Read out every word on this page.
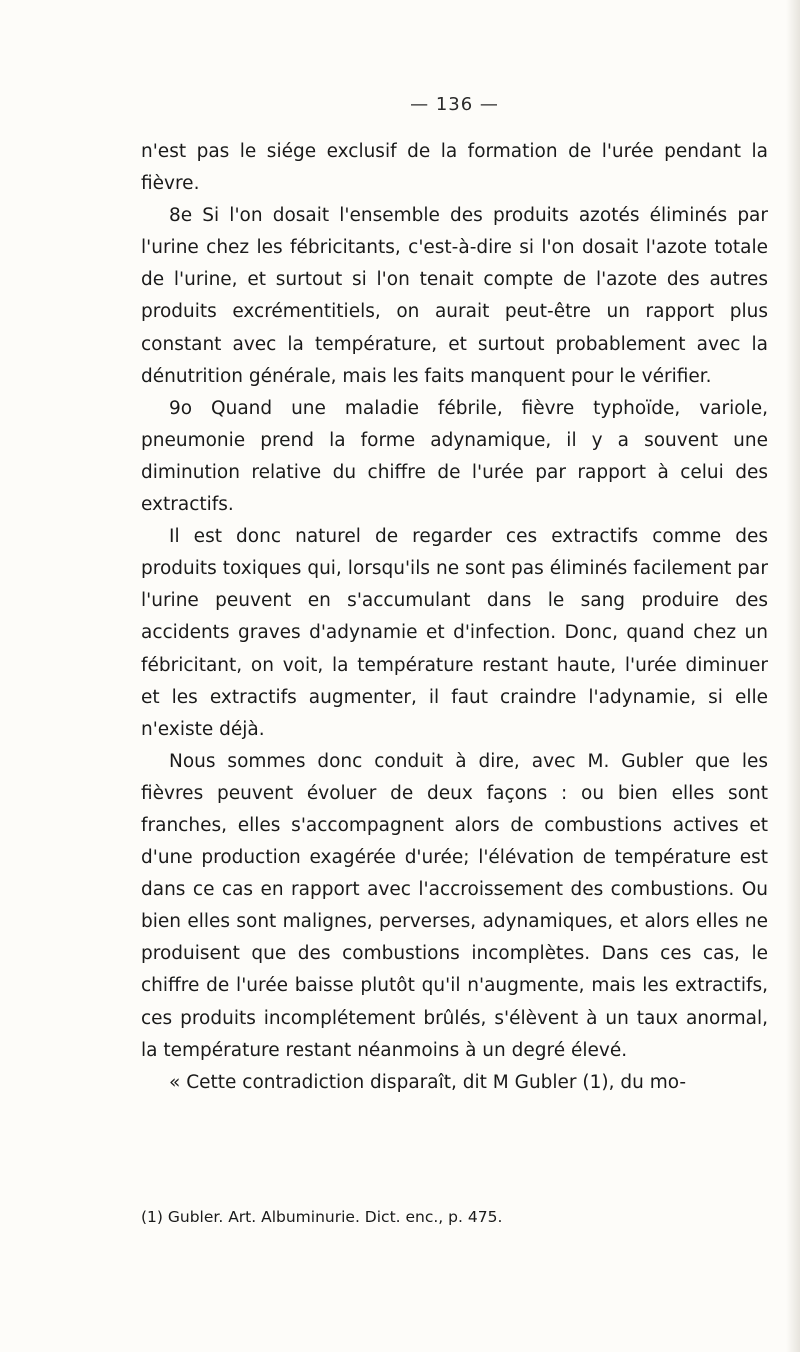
— 136 —

n'est pas le siége exclusif de la formation de l'urée pendant la fièvre.

8e Si l'on dosait l'ensemble des produits azotés éliminés par l'urine chez les fébricitants, c'est-à-dire si l'on dosait l'azote totale de l'urine, et surtout si l'on tenait compte de l'azote des autres produits excrémentitiels, on aurait peut-être un rapport plus constant avec la température, et surtout probablement avec la dénutrition générale, mais les faits manquent pour le vérifier.

9o Quand une maladie fébrile, fièvre typhoïde, variole, pneumonie prend la forme adynamique, il y a souvent une diminution relative du chiffre de l'urée par rapport à celui des extractifs.

Il est donc naturel de regarder ces extractifs comme des produits toxiques qui, lorsqu'ils ne sont pas éliminés facilement par l'urine peuvent en s'accumulant dans le sang produire des accidents graves d'adynamie et d'infection. Donc, quand chez un fébricitant, on voit, la température restant haute, l'urée diminuer et les extractifs augmenter, il faut craindre l'adynamie, si elle n'existe déjà.

Nous sommes donc conduit à dire, avec M. Gubler que les fièvres peuvent évoluer de deux façons : ou bien elles sont franches, elles s'accompagnent alors de combustions actives et d'une production exagérée d'urée; l'élévation de température est dans ce cas en rapport avec l'accroissement des combustions. Ou bien elles sont malignes, perverses, adynamiques, et alors elles ne produisent que des combustions incomplètes. Dans ces cas, le chiffre de l'urée baisse plutôt qu'il n'augmente, mais les extractifs, ces produits incomplétement brûlés, s'élèvent à un taux anormal, la température restant néanmoins à un degré élevé.

« Cette contradiction disparaît, dit M Gubler (1), du mo-

(1) Gubler. Art. Albuminurie. Dict. enc., p. 475.
